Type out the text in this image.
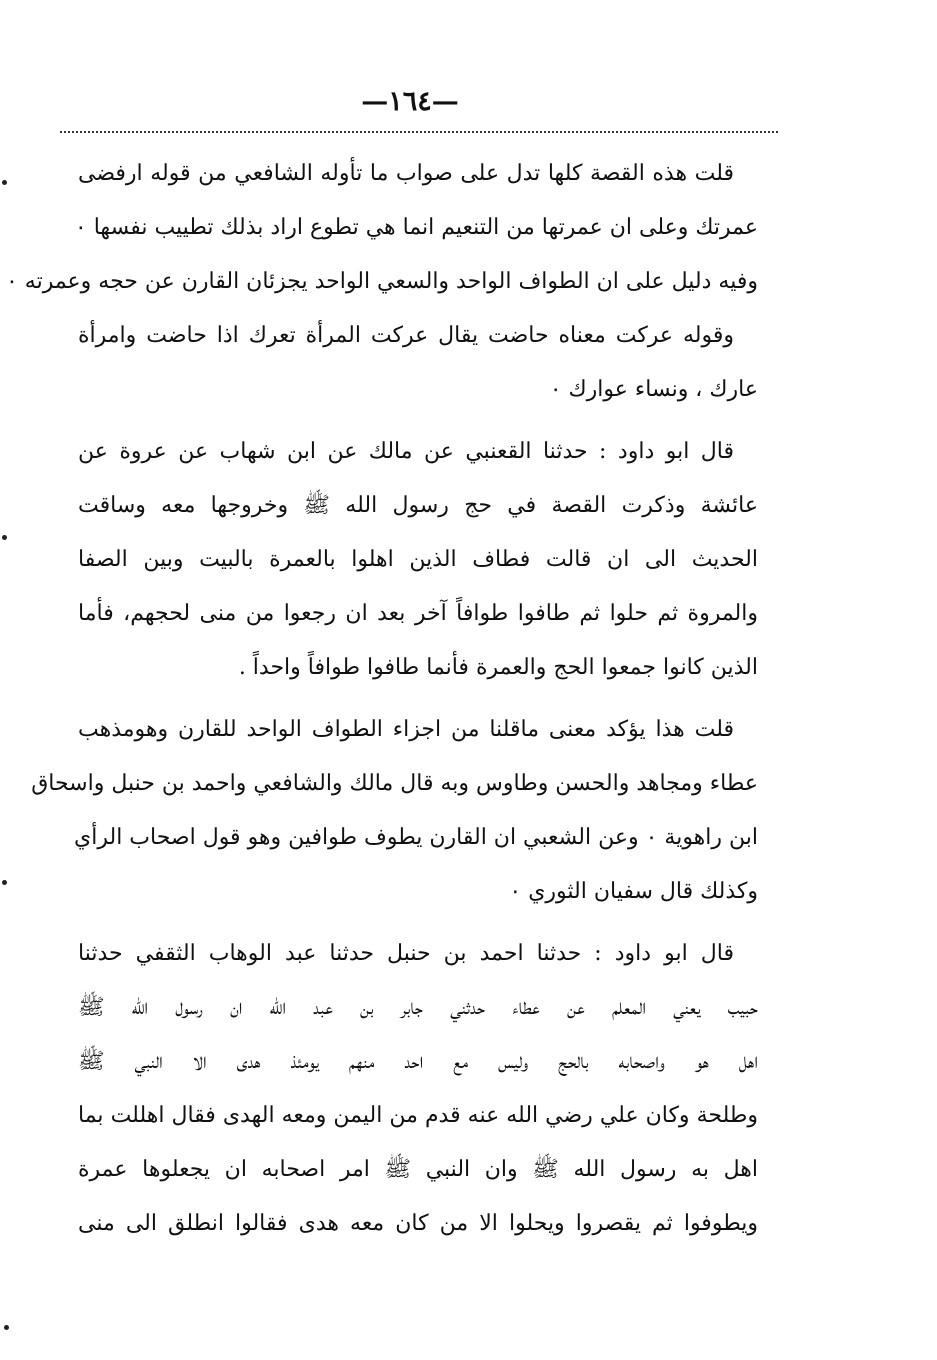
—١٦٤—
قلت هذه القصة كلها تدل على صواب ما تأوله الشافعي من قوله ارفضى
عمرتك وعلى ان عمرتها من التنعيم انما هي تطوع اراد بذلك تطييب نفسها ٠
وفيه دليل على ان الطواف الواحد والسعي الواحد يجزئان القارن عن حجه وعمرته ٠
وقوله عركت معناه حاضت يقال عركت المرأة تعرك اذا حاضت وامرأة
عارك ، ونساء عوارك ٠
قال ابو داود : حدثنا القعنبي عن مالك عن ابن شهاب عن عروة عن
عائشة وذكرت القصة في حج رسول الله ﷺ وخروجها معه وساقت
الحديث الى ان قالت فطاف الذين اهلوا بالعمرة بالبيت وبين الصفا
والمروة ثم حلوا ثم طافوا طوافاً آخر بعد ان رجعوا من منى لحجهم، فأما
الذين كانوا جمعوا الحج والعمرة فأنما طافوا طوافاً واحداً .
قلت هذا يؤكد معنى ماقلنا من اجزاء الطواف الواحد للقارن وهومذهب
عطاء ومجاهد والحسن وطاوس وبه قال مالك والشافعي واحمد بن حنبل واسحاق
ابن راهوية ٠ وعن الشعبي ان القارن يطوف طوافين وهو قول اصحاب الرأي
وكذلك قال سفيان الثوري ٠
قال ابو داود : حدثنا احمد بن حنبل حدثنا عبد الوهاب الثقفي حدثنا
حبيب يعني المعلم عن عطاء حدثني جابر بن عبد الله ان رسول الله ﷺ
اهل هو واصحابه بالحج وليس مع احد منهم يومئذ هدى الا النبي ﷺ
وطلحة وكان علي رضي الله عنه قدم من اليمن ومعه الهدى فقال اهللت بما
اهل به رسول الله ﷺ وان النبي ﷺ امر اصحابه ان يجعلوها عمرة
ويطوفوا ثم يقصروا ويحلوا الا من كان معه هدى فقالوا انطلق الى منى
